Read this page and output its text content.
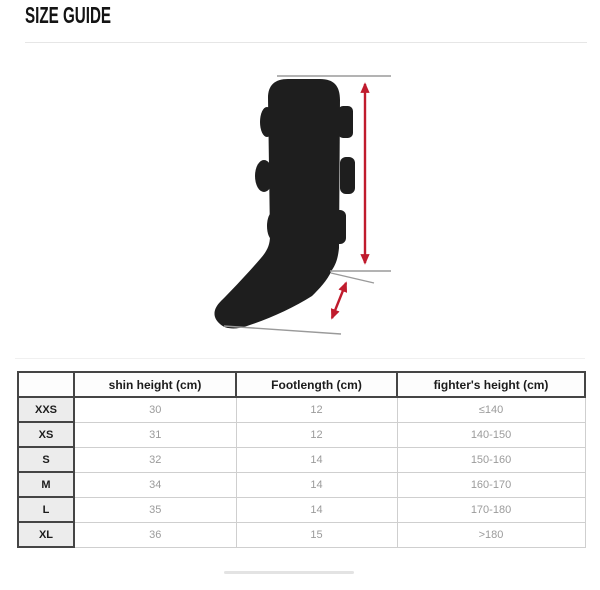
SIZE GUIDE
	shin height (cm)	Footlength (cm)	fighter's height (cm)
XXS	30	12	≤140
XS	31	12	140-150
S	32	14	150-160
M	34	14	160-170
L	35	14	170-180
XL	36	15	>180
